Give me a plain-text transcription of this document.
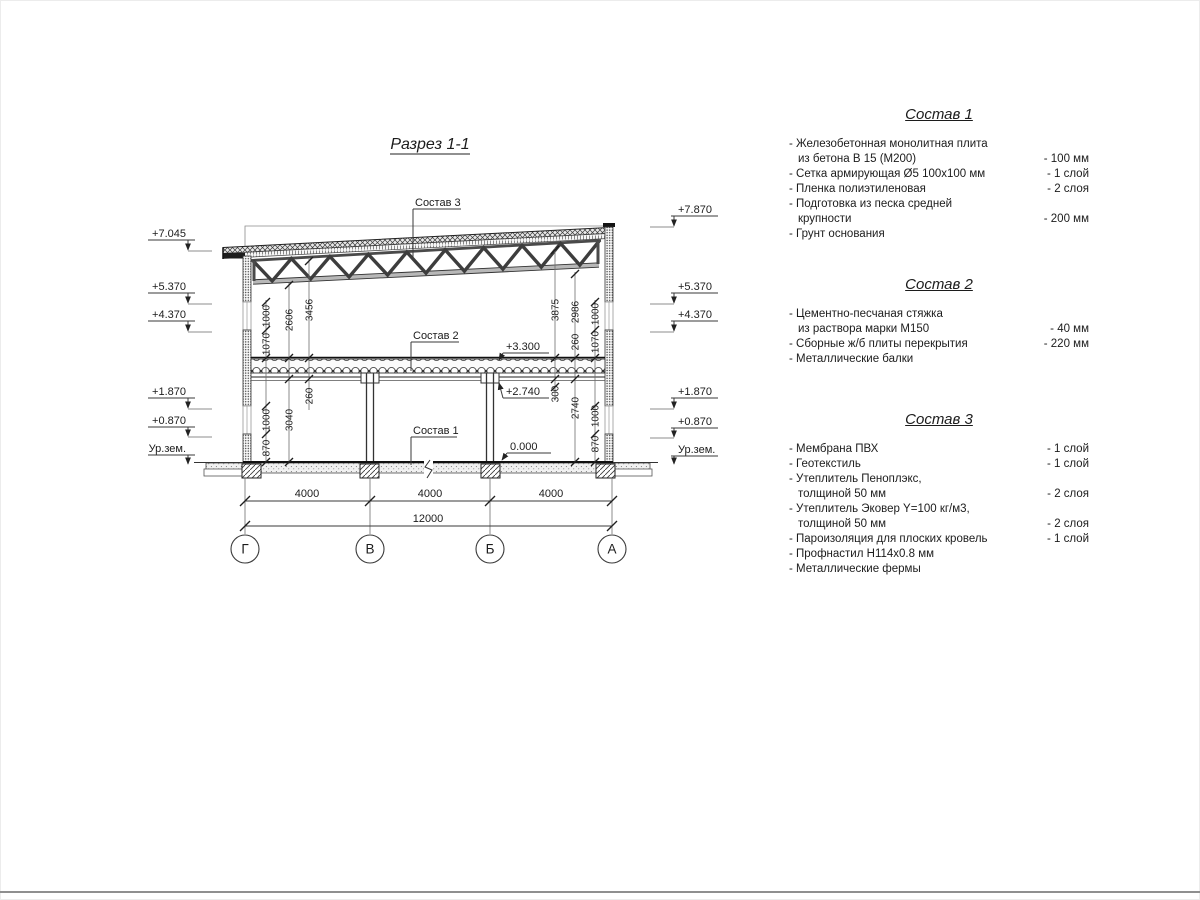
Разрез 1-1
4000	4000	4000
12000
Г	В	Б	А
1000
1070
2606 3456
260
3040
870
1000
3875 2986 1000
260 1070
300
2740 1000
870
+7.045
+5.370
+4.370
+1.870
+0.870
Ур.зем.
+7.870
+5.370
+4.370
+1.870
+0.870
Ур.зем.
+3.300
+2.740
0.000
Состав 3
Состав 2
Состав 1
Состав 1
- Железобетонная монолитная плита
из бетона В 15 (М200)	- 100 мм
- Сетка армирующая Ø5 100х100 мм	- 1 слой
- Пленка полиэтиленовая	- 2 слоя
- Подготовка из песка средней
крупности	- 200 мм
- Грунт основания
Состав 2
- Цементно-песчаная стяжка
из раствора марки М150	- 40 мм
- Сборные ж/б плиты перекрытия	- 220 мм
- Металлические балки
Состав 3
- Мембрана ПВХ	- 1 слой
- Геотекстиль	- 1 слой
- Утеплитель Пеноплэкс,
толщиной 50 мм	- 2 слоя
- Утеплитель Эковер Y=100 кг/м3,
толщиной 50 мм	- 2 слоя
- Пароизоляция для плоских кровель	- 1 слой
- Профнастил Н114х0.8 мм
- Металлические фермы
